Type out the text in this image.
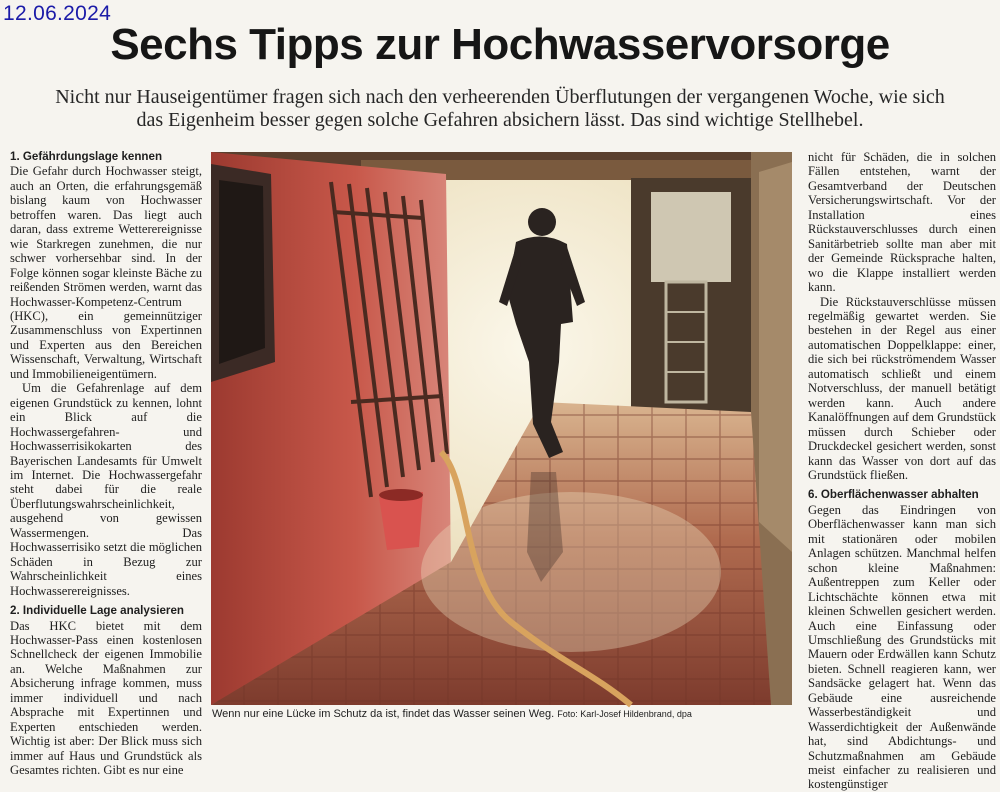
12.06.2024
Sechs Tipps zur Hochwasservorsorge

Nicht nur Hauseigentümer fragen sich nach den verheerenden Überflutungen der vergangenen Woche, wie sich das Eigenheim besser gegen solche Gefahren absichern lässt. Das sind wichtige Stellhebel.

1. Gefährdungslage kennen

Die Gefahr durch Hochwasser steigt, auch an Orten, die erfahrungsgemäß bislang kaum von Hochwasser betroffen waren. Das liegt auch daran, dass extreme Wetterereignisse wie Starkregen zunehmen, die nur schwer vorhersehbar sind. In der Folge können sogar kleinste Bäche zu reißenden Strömen werden, warnt das Hochwasser-Kompetenz-Centrum (HKC), ein gemeinnütziger Zusammenschluss von Expertinnen und Experten aus den Bereichen Wissenschaft, Verwaltung, Wirtschaft und Immobilieneigentümern.

Um die Gefahrenlage auf dem eigenen Grundstück zu kennen, lohnt ein Blick auf die Hochwassergefahren- und Hochwasserrisikokarten des Bayerischen Landesamts für Umwelt im Internet. Die Hochwassergefahr steht dabei für die reale Überflutungswahrscheinlichkeit, ausgehend von gewissen Wassermengen. Das Hochwasserrisiko setzt die möglichen Schäden in Bezug zur Wahrscheinlichkeit eines Hochwasserereignisses.

2. Individuelle Lage analysieren

Das HKC bietet mit dem Hochwasser-Pass einen kostenlosen Schnellcheck der eigenen Immobilie an. Welche Maßnahmen zur Absicherung infrage kommen, muss immer individuell und nach Absprache mit Expertinnen und Experten entschieden werden. Wichtig ist aber: Der Blick muss sich immer auf Haus und Grundstück als Gesamtes richten. Gibt es nur eine

Wenn nur eine Lücke im Schutz da ist, findet das Wasser seinen Weg. Foto: Karl-Josef Hildenbrand, dpa

nicht für Schäden, die in solchen Fällen entstehen, warnt der Gesamtverband der Deutschen Versicherungswirtschaft. Vor der Installation eines Rückstauverschlusses durch einen Sanitärbetrieb sollte man aber mit der Gemeinde Rücksprache halten, wo die Klappe installiert werden kann.

Die Rückstauverschlüsse müssen regelmäßig gewartet werden. Sie bestehen in der Regel aus einer automatischen Doppelklappe: einer, die sich bei rückströmendem Wasser automatisch schließt und einem Notverschluss, der manuell betätigt werden kann. Auch andere Kanalöffnungen auf dem Grundstück müssen durch Schieber oder Druckdeckel gesichert werden, sonst kann das Wasser von dort auf das Grundstück fließen.

6. Oberflächenwasser abhalten

Gegen das Eindringen von Oberflächenwasser kann man sich mit stationären oder mobilen Anlagen schützen. Manchmal helfen schon kleine Maßnahmen: Außentreppen zum Keller oder Lichtschächte können etwa mit kleinen Schwellen gesichert werden. Auch eine Einfassung oder Umschließung des Grundstücks mit Mauern oder Erdwällen kann Schutz bieten. Schnell reagieren kann, wer Sandsäcke gelagert hat. Wenn das Gebäude eine ausreichende Wasserbeständigkeit und Wasserdichtigkeit der Außenwände hat, sind Abdichtungs- und Schutzmaßnahmen am Gebäude meist einfacher zu realisieren und kostengünstiger
